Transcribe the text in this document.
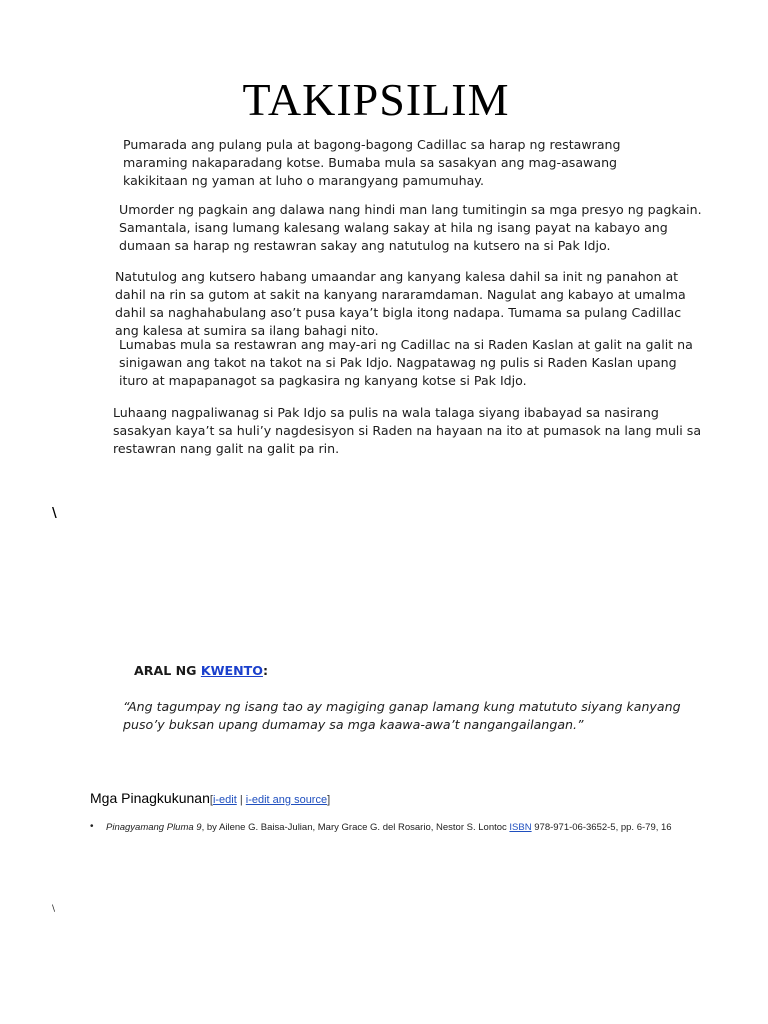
TAKIPSILIM

Pumarada ang pulang pula at bagong-bagong Cadillac sa harap ng restawrang maraming nakaparadang kotse. Bumaba mula sa sasakyan ang mag-asawang kakikitaan ng yaman at luho o marangyang pamumuhay.

Umorder ng pagkain ang dalawa nang hindi man lang tumitingin sa mga presyo ng pagkain. Samantala, isang lumang kalesang walang sakay at hila ng isang payat na kabayo ang dumaan sa harap ng restawran sakay ang natutulog na kutsero na si Pak Idjo.

Natutulog ang kutsero habang umaandar ang kanyang kalesa dahil sa init ng panahon at dahil na rin sa gutom at sakit na kanyang nararamdaman. Nagulat ang kabayo at umalma dahil sa naghahabulang aso’t pusa kaya’t bigla itong nadapa. Tumama sa pulang Cadillac ang kalesa at sumira sa ilang bahagi nito.

Lumabas mula sa restawran ang may-ari ng Cadillac na si Raden Kaslan at galit na galit na sinigawan ang takot na takot na si Pak Idjo. Nagpatawag ng pulis si Raden Kaslan upang ituro at mapapanagot sa pagkasira ng kanyang kotse si Pak Idjo.

Luhaang nagpaliwanag si Pak Idjo sa pulis na wala talaga siyang ibabayad sa nasirang sasakyan kaya’t sa huli’y nagdesisyon si Raden na hayaan na ito at pumasok na lang muli sa restawran nang galit na galit pa rin.

\
ARAL NG KWENTO:

“Ang tagumpay ng isang tao ay magiging ganap lamang kung matututo siyang kanyang puso’y buksan upang dumamay sa mga kaawa-awa’t nangangailangan.”

Mga Pinagkukunan[i-edit | i-edit ang source]
• Pinagyamang Pluma 9, by Ailene G. Baisa-Julian, Mary Grace G. del Rosario, Nestor S. Lontoc ISBN 978-971-06-3652-5, pp. 6-79, 16
\
